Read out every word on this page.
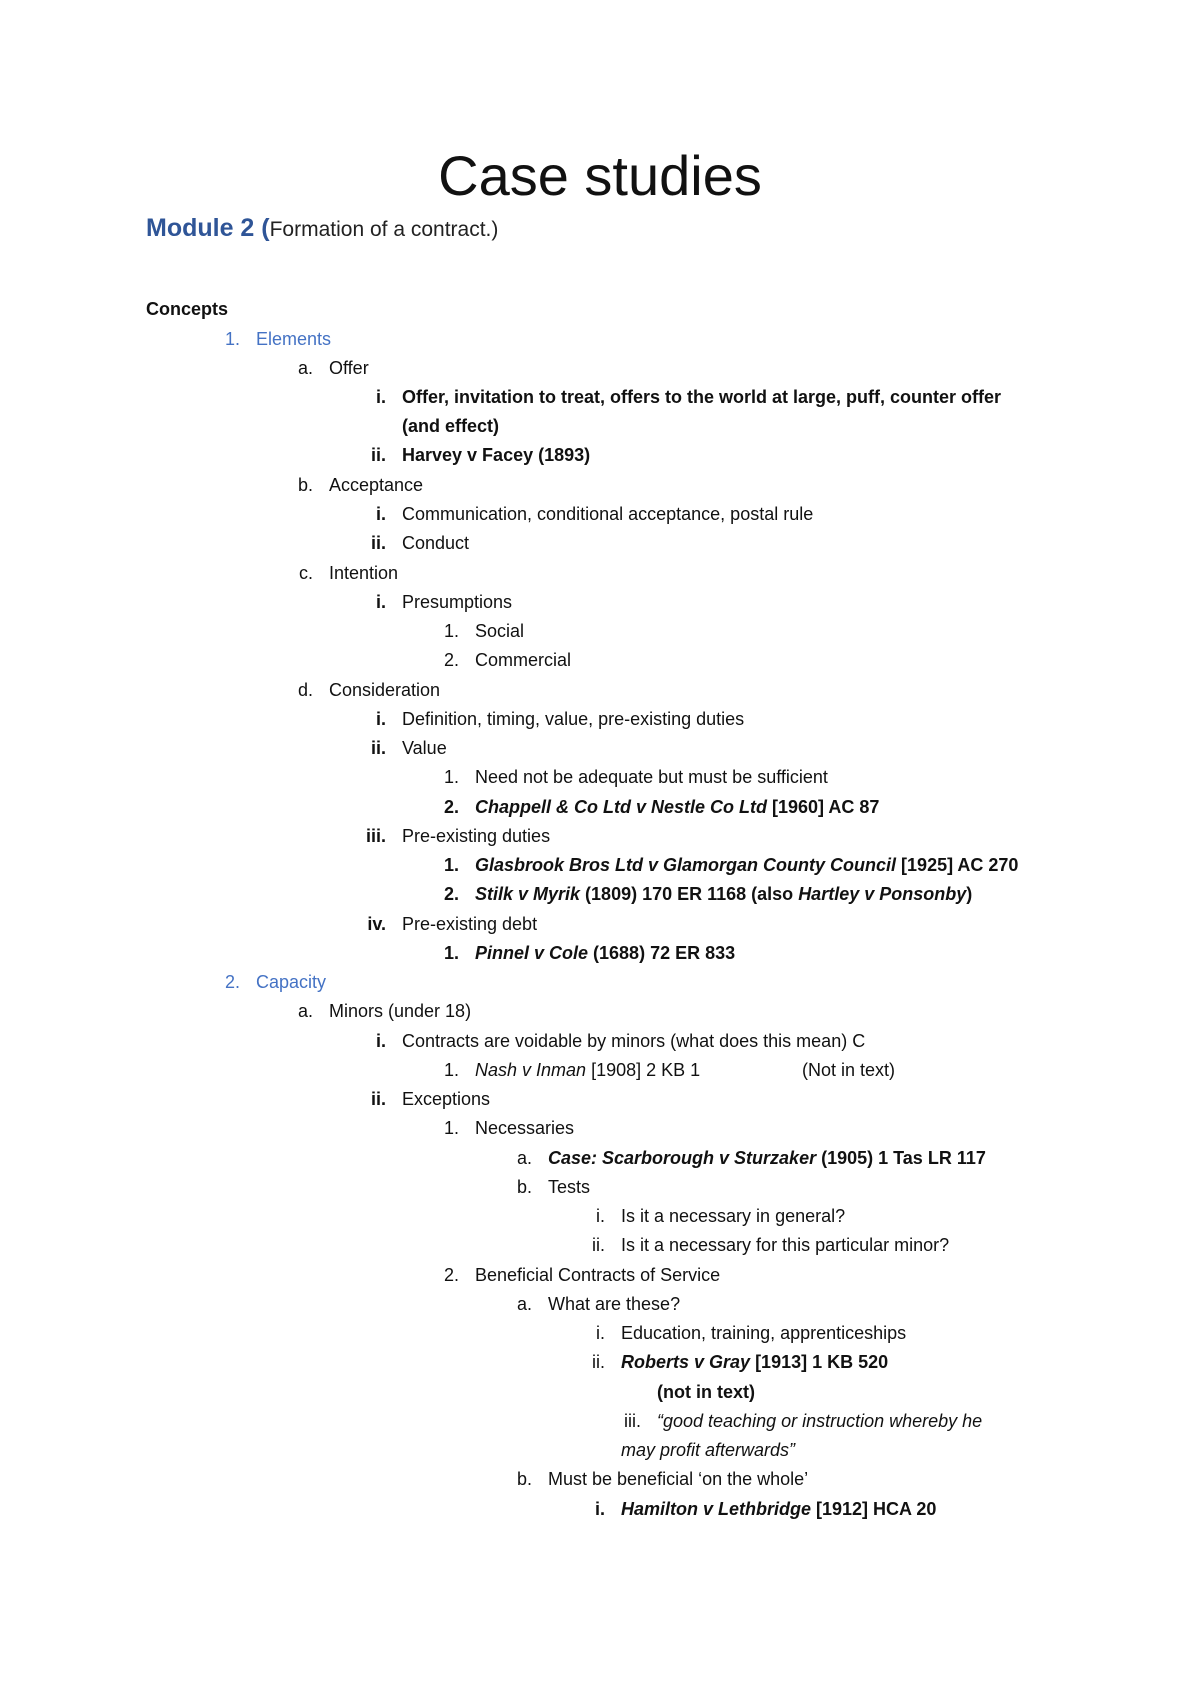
Case studies
Module 2 (Formation of a contract.)
Concepts
1. Elements
a. Offer
i. Offer, invitation to treat, offers to the world at large, puff, counter offer
(and effect)
ii. Harvey v Facey (1893)
b. Acceptance
i. Communication, conditional acceptance, postal rule
ii. Conduct
c. Intention
i. Presumptions
1. Social
2. Commercial
d. Consideration
i. Definition, timing, value, pre-existing duties
ii. Value
1. Need not be adequate but must be sufficient
2. Chappell & Co Ltd v Nestle Co Ltd [1960] AC 87
iii. Pre-existing duties
1. Glasbrook Bros Ltd v Glamorgan County Council [1925] AC 270
2. Stilk v Myrik (1809) 170 ER 1168 (also Hartley v Ponsonby)
iv. Pre-existing debt
1. Pinnel v Cole (1688) 72 ER 833
2. Capacity
a. Minors (under 18)
i. Contracts are voidable by minors (what does this mean) C
1. Nash v Inman [1908] 2 KB 1	(Not in text)
ii. Exceptions
1. Necessaries
a. Case: Scarborough v Sturzaker (1905) 1 Tas LR 117
b. Tests
i. Is it a necessary in general?
ii. Is it a necessary for this particular minor?
2. Beneficial Contracts of Service
a. What are these?
i. Education, training, apprenticeships
ii. Roberts v Gray [1913] 1 KB 520
(not in text)
iii. “good teaching or instruction whereby he
may profit afterwards”
b. Must be beneficial ‘on the whole’
i. Hamilton v Lethbridge [1912] HCA 20
